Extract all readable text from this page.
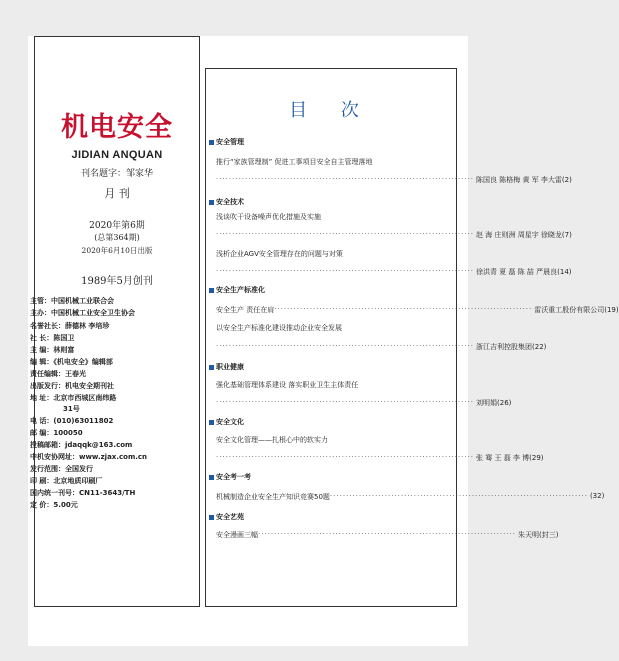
机电安全
JIDIAN ANQUAN
刊名题字：邹家华
月 刊
2020年第6期
(总第364期)
2020年6月10日出版
1989年5月创刊
主管：中国机械工业联合会
主办：中国机械工业安全卫生协会
名誉社长：薛德林 李培珍
社 长：陈国卫
主 编：林则富
编 辑：《机电安全》编辑部
责任编辑：王春光
出版发行：机电安全期刊社
地 址：北京市西城区南纬路
31号
电 话：(010)63011802
邮 编：100050
投稿邮箱：jdaqqk@163.com
中机安协网址：www.zjax.com.cn
发行范围：全国发行
印 刷：北京地质印刷厂
国内统一刊号：CN11-3643/TH
定 价：5.00元
目 次
安全管理
推行“家族管理制” 促进工事项目安全自主管理落地
················································································ 陈国良 陈格梅 黄 军 李大雷(2)
安全技术
浅谈吹干设备噪声优化措施及实施
················································································ 赵 海 庄则洲 周星宇 徐晓龙(7)
浅析企业AGV安全管理存在的问题与对策
················································································ 徐洪青 夏 磊 陈 喆 严晨良(14)
安全生产标准化
安全生产 责任在肩 ················································································ 雷沃重工股份有限公司(19)
以安全生产标准化建设推动企业安全发展
················································································ 浙江吉利控股集团(22)
职业健康
强化基础管理体系建设 落实职业卫生主体责任
················································································ 刘明娟(26)
安全文化
安全文化管理——扎根心中的软实力
················································································ 张 骞 王 磊 李 博(29)
安全考一考
机械制造企业安全生产知识竞赛50题 ················································································ (32)
安全艺苑
安全漫画三幅 ················································································ 朱天明(封三)
